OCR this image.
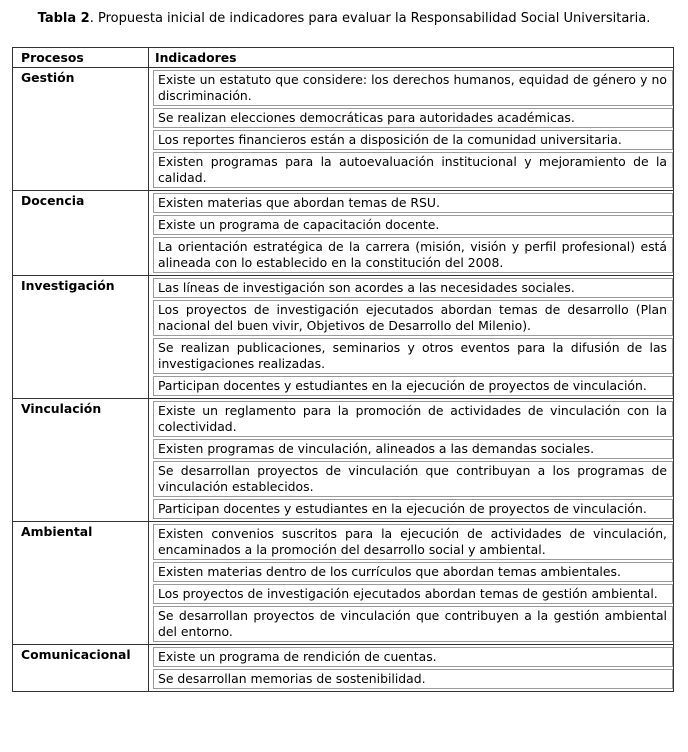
Tabla 2. Propuesta inicial de indicadores para evaluar la Responsabilidad Social Universitaria.
Procesos	Indicadores
Gestión	Existe un estatuto que considere: los derechos humanos, equidad de género y no discriminación.
Se realizan elecciones democráticas para autoridades académicas.
Los reportes financieros están a disposición de la comunidad universitaria.
Existen programas para la autoevaluación institucional y mejoramiento de la calidad.
Docencia	Existen materias que abordan temas de RSU.
Existe un programa de capacitación docente.
La orientación estratégica de la carrera (misión, visión y perfil profesional) está alineada con lo establecido en la constitución del 2008.
Investigación	Las líneas de investigación son acordes a las necesidades sociales.
Los proyectos de investigación ejecutados abordan temas de desarrollo (Plan nacional del buen vivir, Objetivos de Desarrollo del Milenio).
Se realizan publicaciones, seminarios y otros eventos para la difusión de las investigaciones realizadas.
Participan docentes y estudiantes en la ejecución de proyectos de vinculación.
Vinculación	Existe un reglamento para la promoción de actividades de vinculación con la colectividad.
Existen programas de vinculación, alineados a las demandas sociales.
Se desarrollan proyectos de vinculación que contribuyan a los programas de vinculación establecidos.
Participan docentes y estudiantes en la ejecución de proyectos de vinculación.
Ambiental	Existen convenios suscritos para la ejecución de actividades de vinculación, encaminados a la promoción del desarrollo social y ambiental.
Existen materias dentro de los currículos que abordan temas ambientales.
Los proyectos de investigación ejecutados abordan temas de gestión ambiental.
Se desarrollan proyectos de vinculación que contribuyen a la gestión ambiental del entorno.
Comunicacional	Existe un programa de rendición de cuentas.
Se desarrollan memorias de sostenibilidad.
